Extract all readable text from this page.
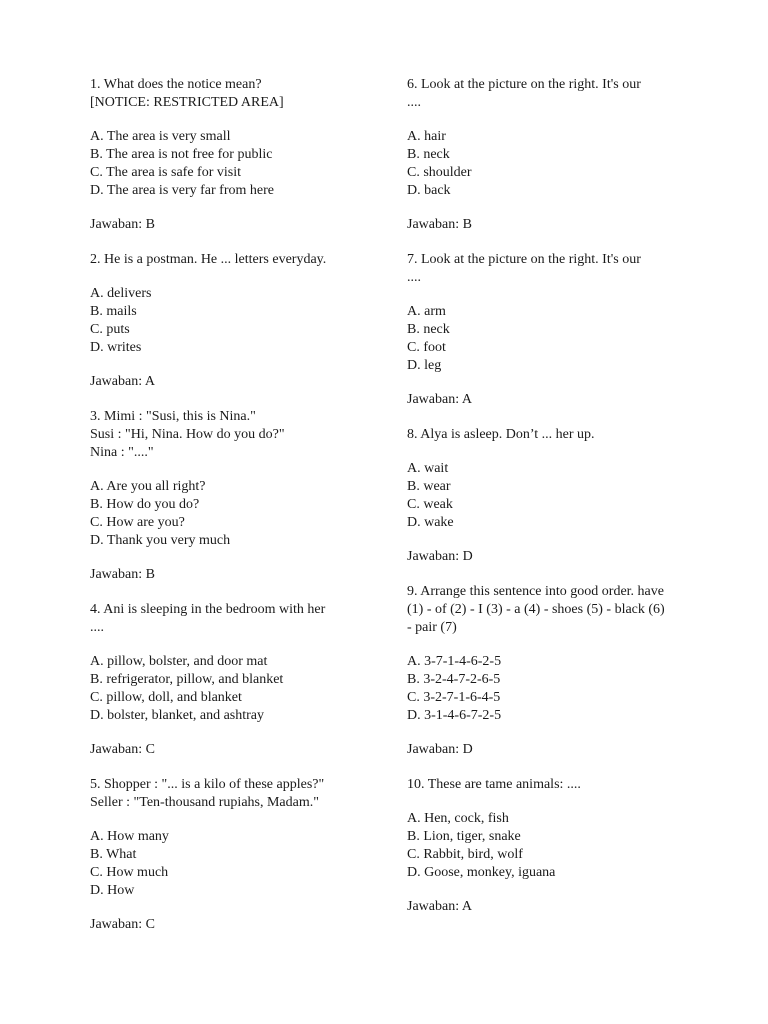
1. What does the notice mean?
[NOTICE: RESTRICTED AREA]
A. The area is very small
B. The area is not free for public
C. The area is safe for visit
D. The area is very far from here
Jawaban: B
2. He is a postman. He ... letters everyday.
A. delivers
B. mails
C. puts
D. writes
Jawaban: A
3. Mimi : "Susi, this is Nina."
Susi : "Hi, Nina. How do you do?"
Nina : "...."
A. Are you all right?
B. How do you do?
C. How are you?
D. Thank you very much
Jawaban: B
4. Ani is sleeping in the bedroom with her ....
A. pillow, bolster, and door mat
B. refrigerator, pillow, and blanket
C. pillow, doll, and blanket
D. bolster, blanket, and ashtray
Jawaban: C
5. Shopper : "... is a kilo of these apples?"
Seller : "Ten-thousand rupiahs, Madam."
A. How many
B. What
C. How much
D. How
Jawaban: C
6. Look at the picture on the right. It's our ....
A. hair
B. neck
C. shoulder
D. back
Jawaban: B
7. Look at the picture on the right. It's our ....
A. arm
B. neck
C. foot
D. leg
Jawaban: A
8. Alya is asleep. Don’t ... her up.
A. wait
B. wear
C. weak
D. wake
Jawaban: D
9. Arrange this sentence into good order. have (1) - of (2) - I (3) - a (4) - shoes (5) - black (6) - pair (7)
A. 3-7-1-4-6-2-5
B. 3-2-4-7-2-6-5
C. 3-2-7-1-6-4-5
D. 3-1-4-6-7-2-5
Jawaban: D
10. These are tame animals: ....
A. Hen, cock, fish
B. Lion, tiger, snake
C. Rabbit, bird, wolf
D. Goose, monkey, iguana
Jawaban: A
